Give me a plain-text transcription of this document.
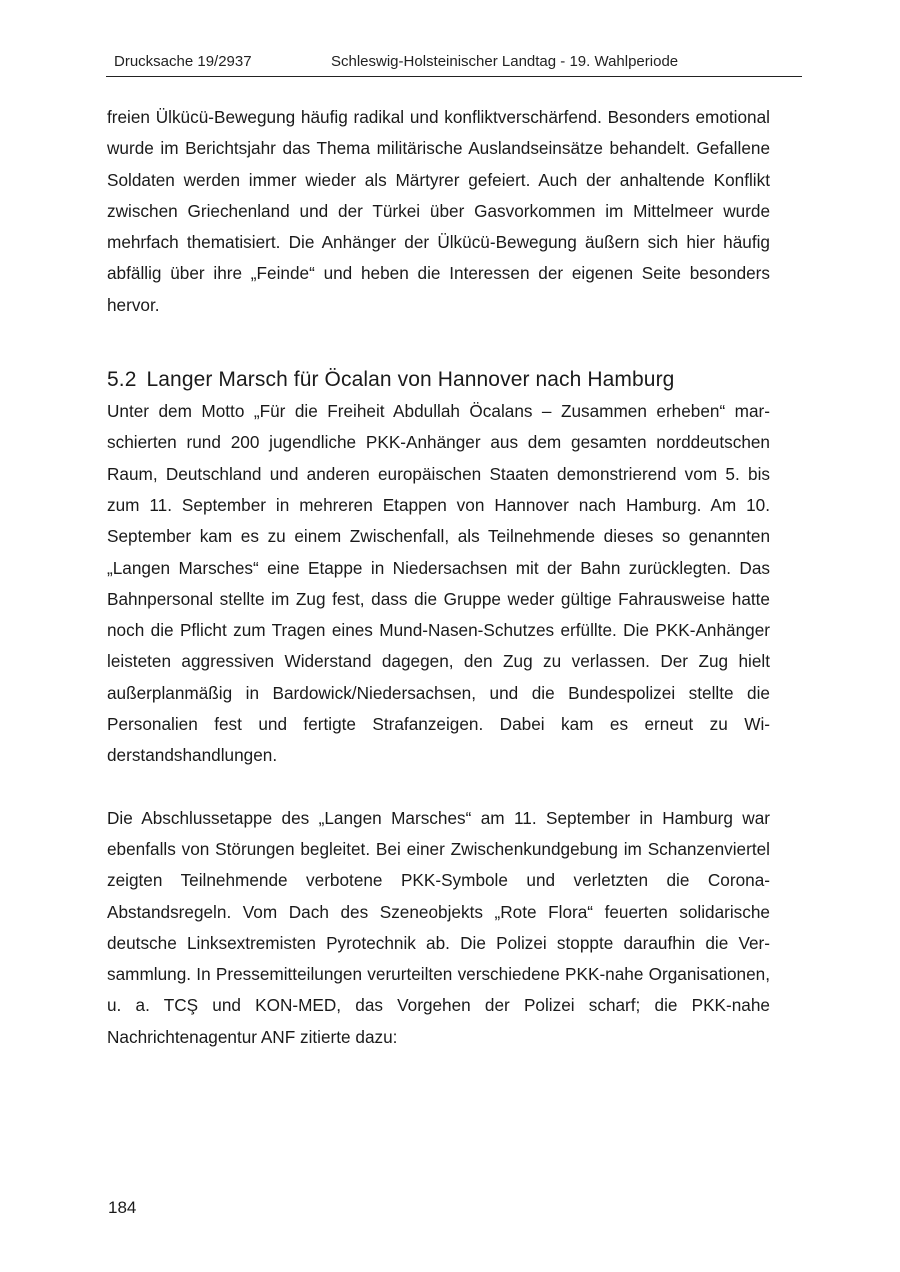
Drucksache 19/2937	Schleswig-Holsteinischer Landtag - 19. Wahlperiode

freien Ülkücü-Bewegung häufig radikal und konfliktverschärfend. Besonders emotional wurde im Berichtsjahr das Thema militärische Auslandseinsätze behandelt. Gefallene Soldaten werden immer wieder als Märtyrer gefeiert. Auch der anhaltende Konflikt zwischen Griechenland und der Türkei über Gasvorkommen im Mittelmeer wurde mehrfach thematisiert. Die Anhänger der Ülkücü-Bewegung äußern sich hier häufig abfällig über ihre „Feinde“ und heben die Interessen der eigenen Seite besonders hervor.

5.2 Langer Marsch für Öcalan von Hannover nach Hamburg

Unter dem Motto „Für die Freiheit Abdullah Öcalans – Zusammen erheben“ marschierten rund 200 jugendliche PKK-Anhänger aus dem gesamten norddeutschen Raum, Deutschland und anderen europäischen Staaten demonstrierend vom 5. bis zum 11. September in mehreren Etappen von Hannover nach Hamburg. Am 10. September kam es zu einem Zwischenfall, als Teilnehmende dieses so genannten „Langen Marsches“ eine Etappe in Niedersachsen mit der Bahn zurücklegten. Das Bahnpersonal stellte im Zug fest, dass die Gruppe weder gültige Fahrausweise hatte noch die Pflicht zum Tragen eines Mund-Nasen-Schutzes erfüllte. Die PKK-Anhänger leisteten aggressiven Widerstand dagegen, den Zug zu verlassen. Der Zug hielt außerplanmäßig in Bardowick/Niedersachsen, und die Bundespolizei stellte die Personalien fest und fertigte Strafanzeigen. Dabei kam es erneut zu Widerstandshandlungen.

Die Abschlussetappe des „Langen Marsches“ am 11. September in Hamburg war ebenfalls von Störungen begleitet. Bei einer Zwischenkundgebung im Schanzenviertel zeigten Teilnehmende verbotene PKK-Symbole und verletzten die Corona-Abstandsregeln. Vom Dach des Szeneobjekts „Rote Flora“ feuerten solidarische deutsche Linksextremisten Pyrotechnik ab. Die Polizei stoppte daraufhin die Versammlung. In Pressemitteilungen verurteilten verschiedene PKK-nahe Organisationen, u. a. TCŞ und KON-MED, das Vorgehen der Polizei scharf; die PKK-nahe Nachrichtenagentur ANF zitierte dazu:

184
